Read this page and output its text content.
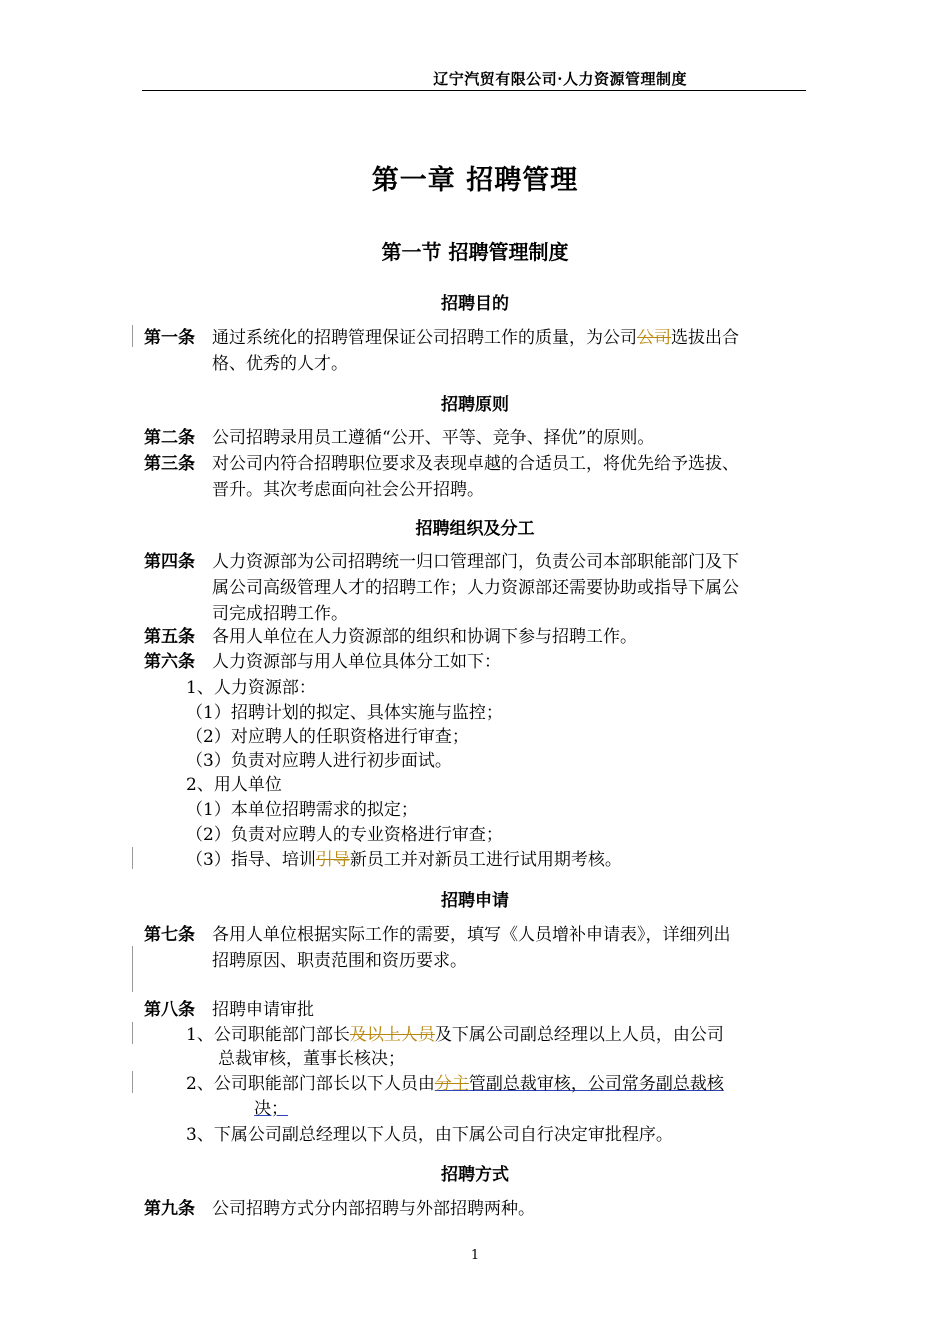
辽宁汽贸有限公司·人力资源管理制度
第一章 招聘管理
第一节 招聘管理制度
招聘目的
第一条 通过系统化的招聘管理保证公司招聘工作的质量，为公司公司选拔出合
格、优秀的人才。
招聘原则
第二条 公司招聘录用员工遵循“公开、平等、竞争、择优”的原则。
第三条 对公司内符合招聘职位要求及表现卓越的合适员工，将优先给予选拔、
晋升。其次考虑面向社会公开招聘。
招聘组织及分工
第四条 人力资源部为公司招聘统一归口管理部门，负责公司本部职能部门及下
属公司高级管理人才的招聘工作；人力资源部还需要协助或指导下属公
司完成招聘工作。
第五条 各用人单位在人力资源部的组织和协调下参与招聘工作。
第六条 人力资源部与用人单位具体分工如下：
1、人力资源部：
（1）招聘计划的拟定、具体实施与监控；
（2）对应聘人的任职资格进行审查；
（3）负责对应聘人进行初步面试。
2、用人单位
（1）本单位招聘需求的拟定；
（2）负责对应聘人的专业资格进行审查；
（3）指导、培训引导新员工并对新员工进行试用期考核。
招聘申请
第七条 各用人单位根据实际工作的需要，填写《人员增补申请表》，详细列出
招聘原因、职责范围和资历要求。
第八条 招聘申请审批
1、公司职能部门部长及以上人员及下属公司副总经理以上人员，由公司
总裁审核，董事长核决；
2、公司职能部门部长以下人员由分主管副总裁审核，公司常务副总裁核
决；
3、下属公司副总经理以下人员，由下属公司自行决定审批程序。
招聘方式
第九条 公司招聘方式分内部招聘与外部招聘两种。
1
